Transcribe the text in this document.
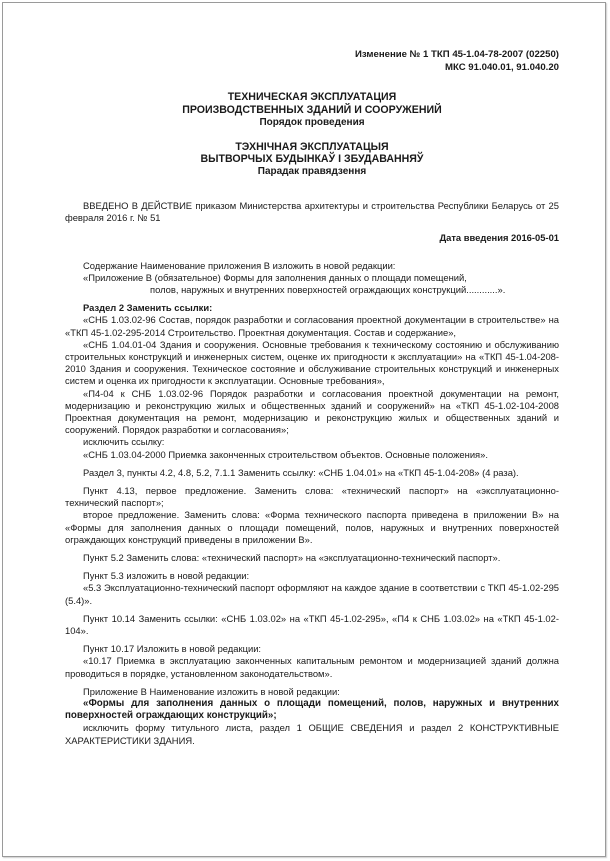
Изменение № 1 ТКП 45-1.04-78-2007 (02250)
МКС 91.040.01, 91.040.20
ТЕХНИЧЕСКАЯ ЭКСПЛУАТАЦИЯ
ПРОИЗВОДСТВЕННЫХ ЗДАНИЙ И СООРУЖЕНИЙ
Порядок проведения
ТЭХНІЧНАЯ ЭКСПЛУАТАЦЫЯ
ВЫТВОРЧЫХ БУДЫНКАЎ І ЗБУДАВАННЯЎ
Парадак правядзення

ВВЕДЕНО В ДЕЙСТВИЕ приказом Министерства архитектуры и строительства Республики Беларусь от 25 февраля 2016 г. № 51

Дата введения 2016-05-01

Содержание Наименование приложения В изложить в новой редакции:

«Приложение В (обязательное) Формы для заполнения данных о площади помещений,

полов, наружных и внутренних поверхностей ограждающих конструкций............».

Раздел 2 Заменить ссылки:

«СНБ 1.03.02-96 Состав, порядок разработки и согласования проектной документации в строительстве» на «ТКП 45-1.02-295-2014 Строительство. Проектная документация. Состав и содержание»,

«СНБ 1.04.01-04 Здания и сооружения. Основные требования к техническому состоянию и обслуживанию строительных конструкций и инженерных систем, оценке их пригодности к эксплуатации» на «ТКП 45-1.04-208-2010 Здания и сооружения. Техническое состояние и обслуживание строительных конструкций и инженерных систем и оценка их пригодности к эксплуатации. Основные требования»,

«П4-04 к СНБ 1.03.02-96 Порядок разработки и согласования проектной документации на ремонт, модернизацию и реконструкцию жилых и общественных зданий и сооружений» на «ТКП 45-1.02-104-2008 Проектная документация на ремонт, модернизацию и реконструкцию жилых и общественных зданий и сооружений. Порядок разработки и согласования»;

исключить ссылку:

«СНБ 1.03.04-2000 Приемка законченных строительством объектов. Основные положения».

Раздел 3, пункты 4.2, 4.8, 5.2, 7.1.1 Заменить ссылку: «СНБ 1.04.01» на «ТКП 45-1.04-208» (4 раза).

Пункт 4.13, первое предложение. Заменить слова: «технический паспорт» на «эксплуатационно-технический паспорт»;

второе предложение. Заменить слова: «Форма технического паспорта приведена в приложении В» на «Формы для заполнения данных о площади помещений, полов, наружных и внутренних поверхностей ограждающих конструкций приведены в приложении В».

Пункт 5.2 Заменить слова: «технический паспорт» на «эксплуатационно-технический паспорт».

Пункт 5.3 изложить в новой редакции:

«5.3 Эксплуатационно-технический паспорт оформляют на каждое здание в соответствии с ТКП 45-1.02-295 (5.4)».

Пункт 10.14 Заменить ссылки: «СНБ 1.03.02» на «ТКП 45-1.02-295», «П4 к СНБ 1.03.02» на «ТКП 45-1.02-104».

Пункт 10.17 Изложить в новой редакции:

«10.17 Приемка в эксплуатацию законченных капитальным ремонтом и модернизацией зданий должна проводиться в порядке, установленном законодательством».

Приложение В Наименование изложить в новой редакции:

«Формы для заполнения данных о площади помещений, полов, наружных и внутренних поверхностей ограждающих конструкций»;

исключить форму титульного листа, раздел 1 ОБЩИЕ СВЕДЕНИЯ и раздел 2 КОНСТРУКТИВНЫЕ ХАРАКТЕРИСТИКИ ЗДАНИЯ.
